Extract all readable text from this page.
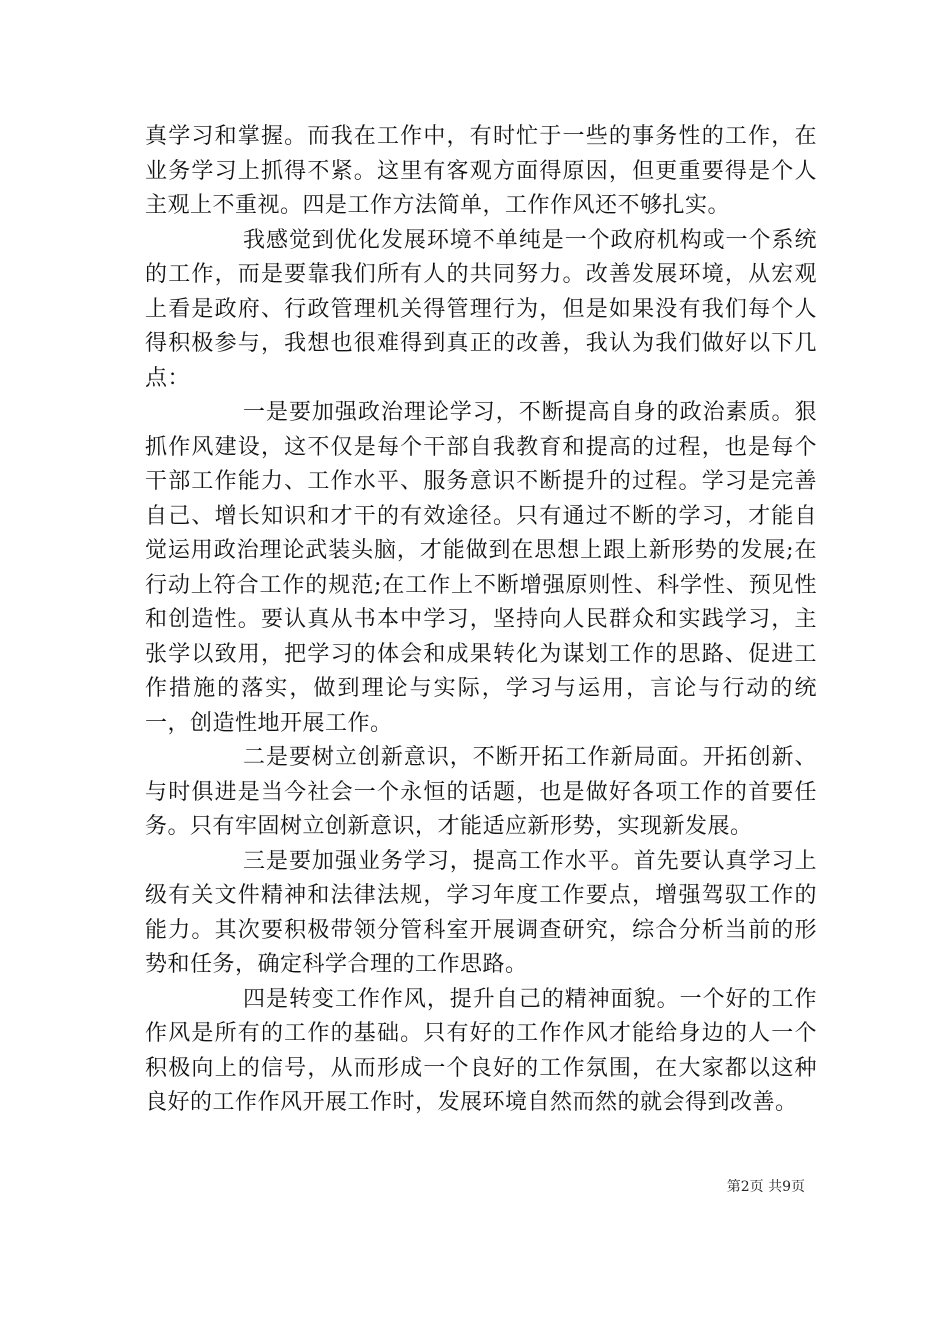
真学习和掌握。而我在工作中，有时忙于一些的事务性的工作，在业务学习上抓得不紧。这里有客观方面得原因，但更重要得是个人主观上不重视。四是工作方法简单，工作作风还不够扎实。

我感觉到优化发展环境不单纯是一个政府机构或一个系统的工作，而是要靠我们所有人的共同努力。改善发展环境，从宏观上看是政府、行政管理机关得管理行为，但是如果没有我们每个人得积极参与，我想也很难得到真正的改善，我认为我们做好以下几点：

一是要加强政治理论学习，不断提高自身的政治素质。狠抓作风建设，这不仅是每个干部自我教育和提高的过程，也是每个干部工作能力、工作水平、服务意识不断提升的过程。学习是完善自己、增长知识和才干的有效途径。只有通过不断的学习，才能自觉运用政治理论武装头脑，才能做到在思想上跟上新形势的发展;在行动上符合工作的规范;在工作上不断增强原则性、科学性、预见性和创造性。要认真从书本中学习，坚持向人民群众和实践学习，主张学以致用，把学习的体会和成果转化为谋划工作的思路、促进工作措施的落实，做到理论与实际，学习与运用，言论与行动的统一，创造性地开展工作。

二是要树立创新意识，不断开拓工作新局面。开拓创新、与时俱进是当今社会一个永恒的话题，也是做好各项工作的首要任务。只有牢固树立创新意识，才能适应新形势，实现新发展。

三是要加强业务学习，提高工作水平。首先要认真学习上级有关文件精神和法律法规，学习年度工作要点，增强驾驭工作的能力。其次要积极带领分管科室开展调查研究，综合分析当前的形势和任务，确定科学合理的工作思路。

四是转变工作作风，提升自己的精神面貌。一个好的工作作风是所有的工作的基础。只有好的工作作风才能给身边的人一个积极向上的信号，从而形成一个良好的工作氛围，在大家都以这种良好的工作作风开展工作时，发展环境自然而然的就会得到改善。

第2页 共9页
